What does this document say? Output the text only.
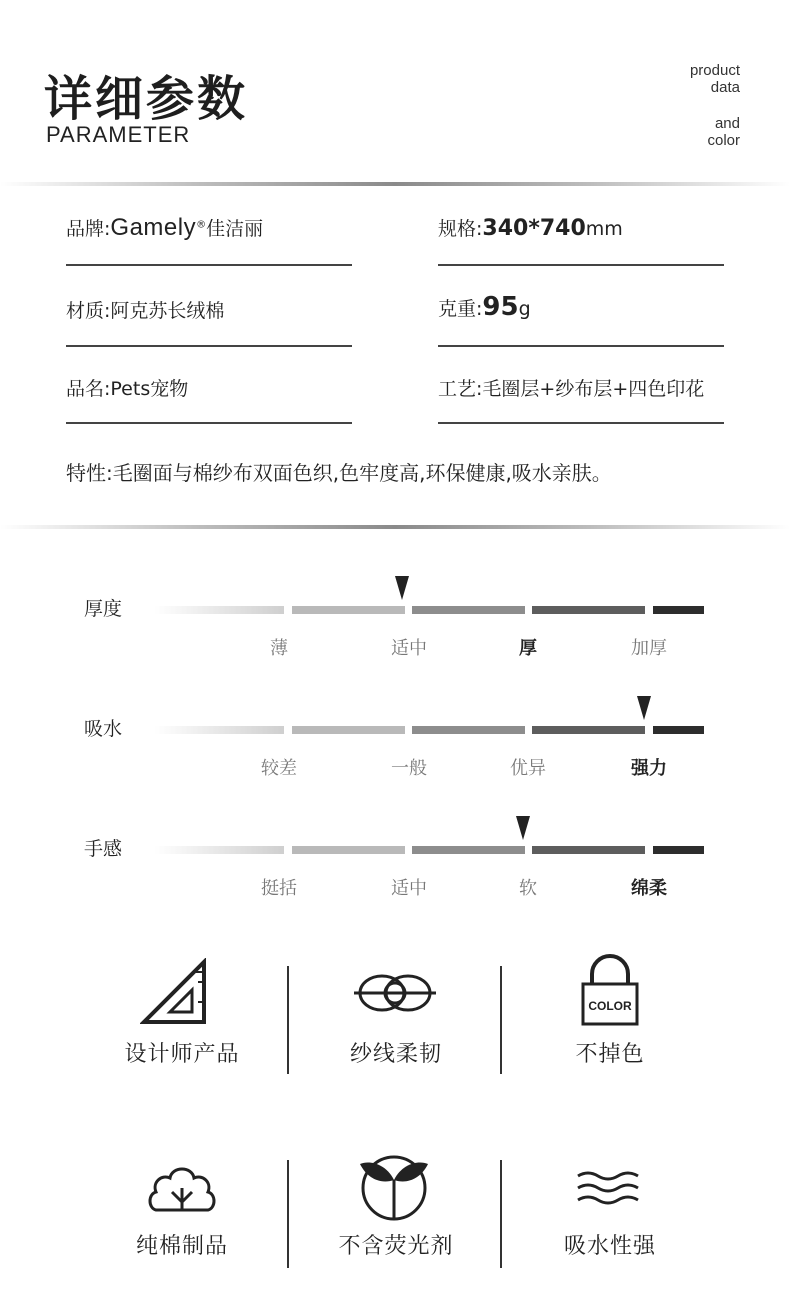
详细参数
PARAMETER
product
data
and
color
品牌:Gamely®佳洁丽	规格:340*740mm
材质:阿克苏长绒棉	克重:95g
品名:Pets宠物	工艺:毛圈层+纱布层+四色印花
特性:毛圈面与棉纱布双面色织,色牢度高,环保健康,吸水亲肤。
厚度
薄	适中	厚	加厚
吸水
较差	一般	优异	强力
手感
挺括	适中	软	绵柔
设计师产品	纱线柔韧
COLOR
不掉色
纯棉制品	不含荧光剂	吸水性强
